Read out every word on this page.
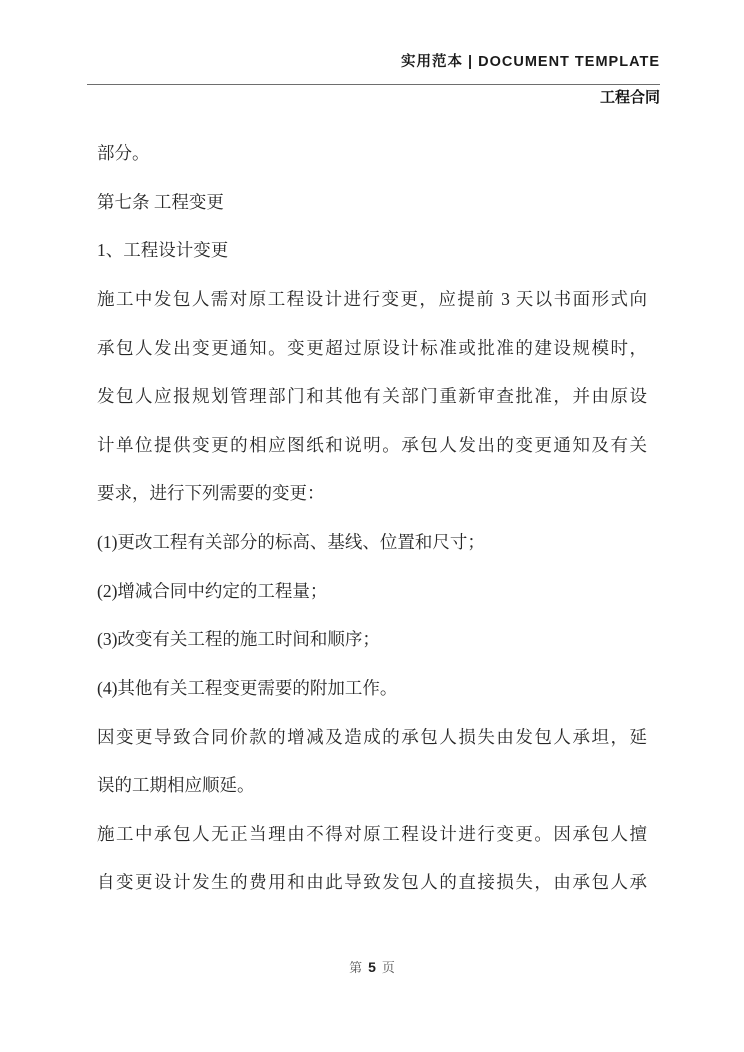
实用范本 | DOCUMENT TEMPLATE
工程合同
部分。
第七条 工程变更
1、工程设计变更
施工中发包人需对原工程设计进行变更，应提前 3 天以书面形式向
承包人发出变更通知。变更超过原设计标准或批准的建设规模时，
发包人应报规划管理部门和其他有关部门重新审查批准，并由原设
计单位提供变更的相应图纸和说明。承包人发出的变更通知及有关
要求，进行下列需要的变更：
(1)更改工程有关部分的标高、基线、位置和尺寸；
(2)增减合同中约定的工程量；
(3)改变有关工程的施工时间和顺序；
(4)其他有关工程变更需要的附加工作。
因变更导致合同价款的增减及造成的承包人损失由发包人承坦，延
误的工期相应顺延。
施工中承包人无正当理由不得对原工程设计进行变更。因承包人擅
自变更设计发生的费用和由此导致发包人的直接损失，由承包人承
第 5 页
